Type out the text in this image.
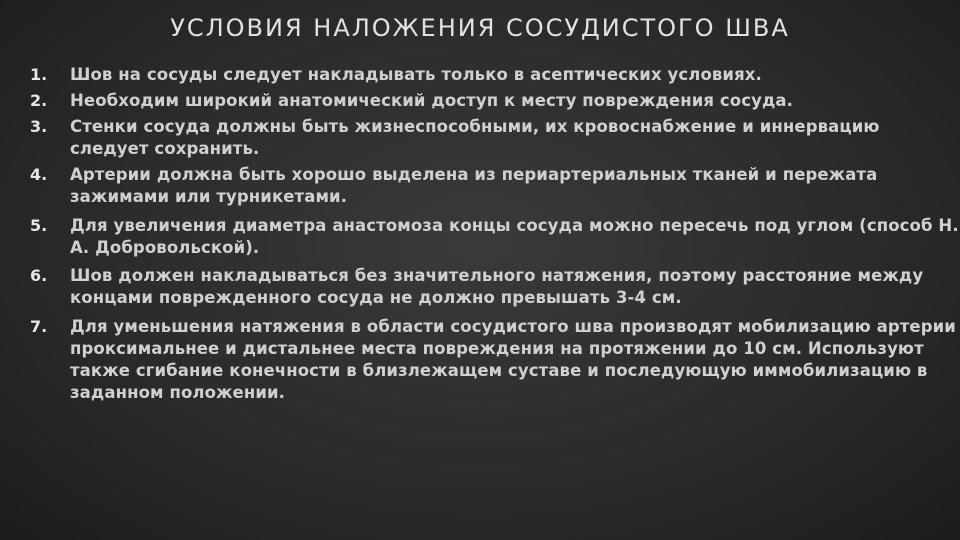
УСЛОВИЯ НАЛОЖЕНИЯ СОСУДИСТОГО ШВА
1.	Шов на сосуды следует накладывать только в асептических условиях.
2.	Необходим широкий анатомический доступ к месту повреждения сосуда.
3.	Стенки сосуда должны быть жизнеспособными, их кровоснабжение и иннервацию следует сохранить.
4.	Артерии должна быть хорошо выделена из периартериальных тканей и пережата зажимами или турникетами.
5.	Для увеличения диаметра анастомоза концы сосуда можно пересечь под углом (способ Н. А. Добровольской).
6.	Шов должен накладываться без значительного натяжения, поэтому расстояние между концами поврежденного сосуда не должно превышать 3-4 см.
7.	Для уменьшения натяжения в области сосудистого шва производят мобилизацию артерии проксимальнее и дистальнее места повреждения на протяжении до 10 см. Используют также сгибание конечности в близлежащем суставе и последующую иммобилизацию в заданном положении.
